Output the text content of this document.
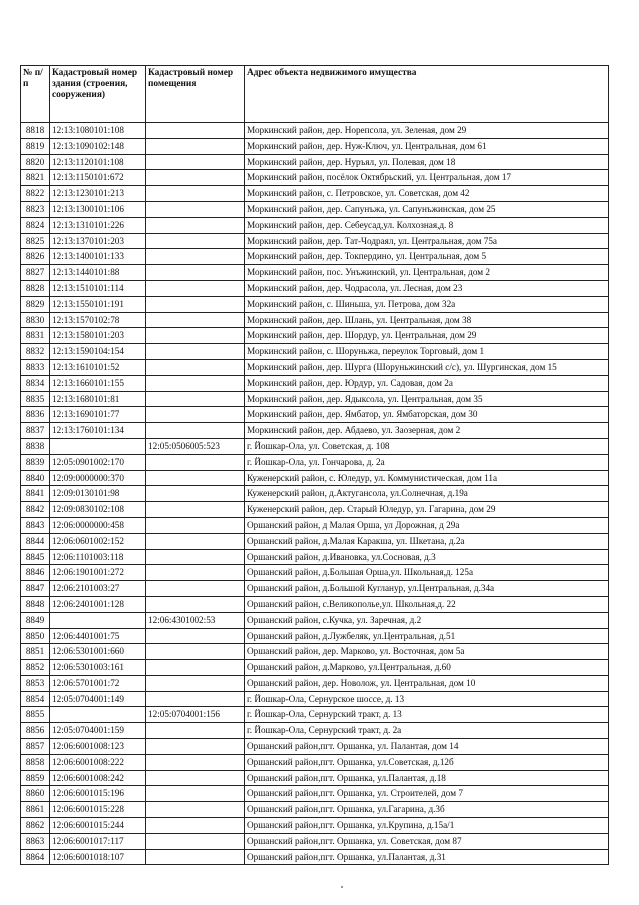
№ п/п	Кадастровый номер здания (строения, сооружения)	Кадастровый номер помещения	Адрес объекта недвижимого имущества
8818	12:13:1080101:108		Моркинский район, дер. Норепсола, ул. Зеленая, дом 29
8819	12:13:1090102:148		Моркинский район, дер. Нуж-Ключ, ул. Центральная, дом 61
8820	12:13:1120101:108		Моркинский район, дер. Нуръял, ул. Полевая, дом 18
8821	12:13:1150101:672		Моркинский район, посёлок Октябрьский, ул. Центральная, дом 17
8822	12:13:1230101:213		Моркинский район, с. Петровское, ул. Советская, дом 42
8823	12:13:1300101:106		Моркинский район, дер. Сапунъжа, ул. Сапунъжинская, дом 25
8824	12:13:1310101:226		Моркинский район, дер. Себеусад,ул. Колхозная,д. 8
8825	12:13:1370101:203		Моркинский район, дер. Тат-Чодраял, ул. Центральная, дом 75а
8826	12:13:1400101:133		Моркинский район, дер. Токпердино, ул. Центральная, дом 5
8827	12:13:1440101:88		Моркинский район, пос. Унъжинский, ул. Центральная, дом 2
8828	12:13:1510101:114		Моркинский район, дер. Чодрасола, ул. Лесная, дом 23
8829	12:13:1550101:191		Моркинский район, с. Шиньша, ул. Петрова, дом 32а
8830	12:13:1570102:78		Моркинский район, дер. Шлань, ул. Центральная, дом 38
8831	12:13:1580101:203		Моркинский район, дер. Шордур, ул. Центральная, дом 29
8832	12:13:1590104:154		Моркинский район, с. Шоруньжа, переулок Торговый, дом 1
8833	12:13:1610101:52		Моркинский район, дер. Шурга (Шоруньжинский с/с), ул. Шургинская, дом 15
8834	12:13:1660101:155		Моркинский район, дер. Юрдур, ул. Садовая, дом 2а
8835	12:13:1680101:81		Моркинский район, дер. Ядыксола, ул. Центральная, дом 35
8836	12:13:1690101:77		Моркинский район, дер. Ямбатор, ул. Ямбаторская, дом 30
8837	12:13:1760101:134		Моркинский район, дер. Абдаево, ул. Заозерная, дом 2
8838		12:05:0506005:523	г. Йошкар-Ола, ул. Советская, д. 108
8839	12:05:0901002:170		г. Йошкар-Ола, ул. Гончарова, д. 2а
8840	12:09:0000000:370		Куженерский район, с. Юледур, ул. Коммунистическая, дом 11а
8841	12:09:0130101:98		Куженерский район, д.Актугансола, ул.Солнечная, д.19а
8842	12:09:0830102:108		Куженерский район, дер. Старый Юледур, ул. Гагарина, дом 29
8843	12:06:0000000:458		Оршанский район, д Малая Орша, ул Дорожная, д 29а
8844	12:06:0601002:152		Оршанский район, д.Малая Каракша, ул. Шкетана, д.2а
8845	12:06:1101003:118		Оршанский район, д.Ивановка, ул.Сосновая, д.3
8846	12:06:1901001:272		Оршанский район, д.Большая Орша,ул. Школьная,д. 125а
8847	12:06:2101003:27		Оршанский район, д.Большой Кугланур, ул.Центральная, д.34а
8848	12:06:2401001:128		Оршанский район, с.Великополье,ул. Школьная,д. 22
8849		12:06:4301002:53	Оршанский район, с.Кучка, ул. Заречная, д.2
8850	12:06:4401001:75		Оршанский район, д.Лужбеляк, ул.Центральная, д.51
8851	12:06:5301001:660		Оршанский район, дер. Марково, ул. Восточная, дом 5а
8852	12:06:5301003:161		Оршанский район, д.Марково, ул.Центральная, д.60
8853	12:06:5701001:72		Оршанский район, дер. Новолож, ул. Центральная, дом 10
8854	12:05:0704001:149		г. Йошкар-Ола, Сернурское шоссе, д. 13
8855		12:05:0704001:156	г. Йошкар-Ола, Сернурский тракт, д. 13
8856	12:05:0704001:159		г. Йошкар-Ола, Сернурский тракт, д. 2а
8857	12:06:6001008:123		Оршанский район,пгт. Оршанка, ул. Палантая, дом 14
8858	12:06:6001008:222		Оршанский район,пгт. Оршанка, ул.Советская, д.12б
8859	12:06:6001008:242		Оршанский район,пгт. Оршанка, ул.Палантая, д.18
8860	12:06:6001015:196		Оршанский район,пгт. Оршанка, ул. Строителей, дом 7
8861	12:06:6001015:228		Оршанский район,пгт. Оршанка, ул.Гагарина, д.3б
8862	12:06:6001015:244		Оршанский район,пгт. Оршанка, ул.Крупина, д.15а/1
8863	12:06:6001017:117		Оршанский район,пгт. Оршанка, ул. Советская, дом 87
8864	12:06:6001018:107		Оршанский район,пгт. Оршанка, ул.Палантая, д.31
